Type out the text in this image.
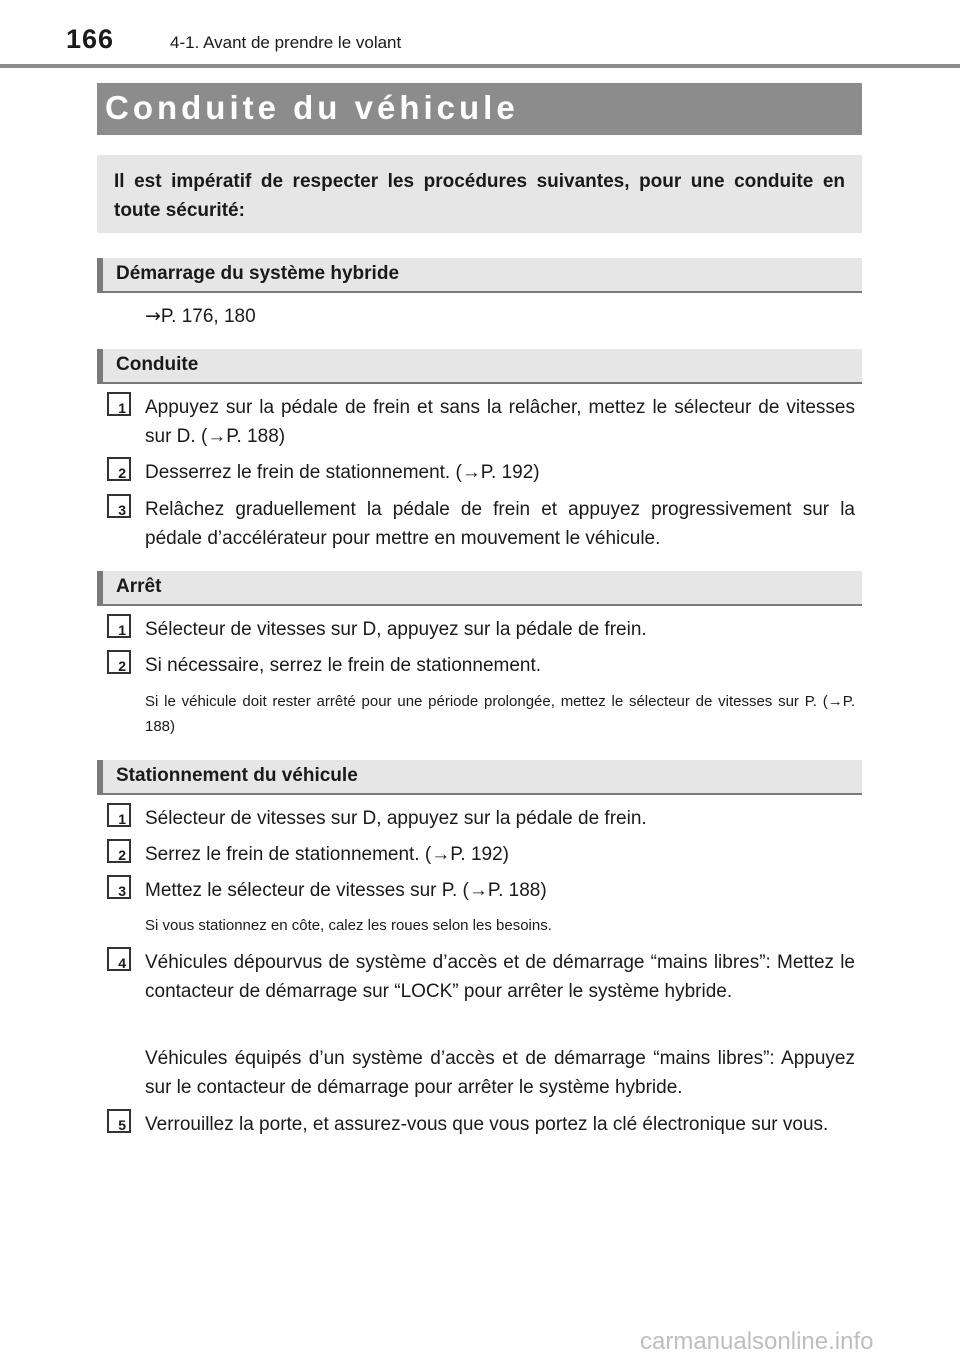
166	4-1. Avant de prendre le volant
Conduite du véhicule
Il est impératif de respecter les procédures suivantes, pour une conduite en toute sécurité:
Démarrage du système hybride
→P. 176, 180
Conduite
1 Appuyez sur la pédale de frein et sans la relâcher, mettez le sélecteur de vitesses sur D. (→P. 188)
2 Desserrez le frein de stationnement. (→P. 192)
3 Relâchez graduellement la pédale de frein et appuyez progressivement sur la pédale d’accélérateur pour mettre en mouvement le véhicule.
Arrêt
1 Sélecteur de vitesses sur D, appuyez sur la pédale de frein.
2 Si nécessaire, serrez le frein de stationnement.
Si le véhicule doit rester arrêté pour une période prolongée, mettez le sélecteur de vitesses sur P. (→P. 188)
Stationnement du véhicule
1 Sélecteur de vitesses sur D, appuyez sur la pédale de frein.
2 Serrez le frein de stationnement. (→P. 192)
3 Mettez le sélecteur de vitesses sur P. (→P. 188)
Si vous stationnez en côte, calez les roues selon les besoins.
4 Véhicules dépourvus de système d’accès et de démarrage “mains libres”: Mettez le contacteur de démarrage sur “LOCK” pour arrêter le système hybride.
Véhicules équipés d’un système d’accès et de démarrage “mains libres”: Appuyez sur le contacteur de démarrage pour arrêter le système hybride.
5 Verrouillez la porte, et assurez-vous que vous portez la clé électronique sur vous.
carmanualsonline.info
